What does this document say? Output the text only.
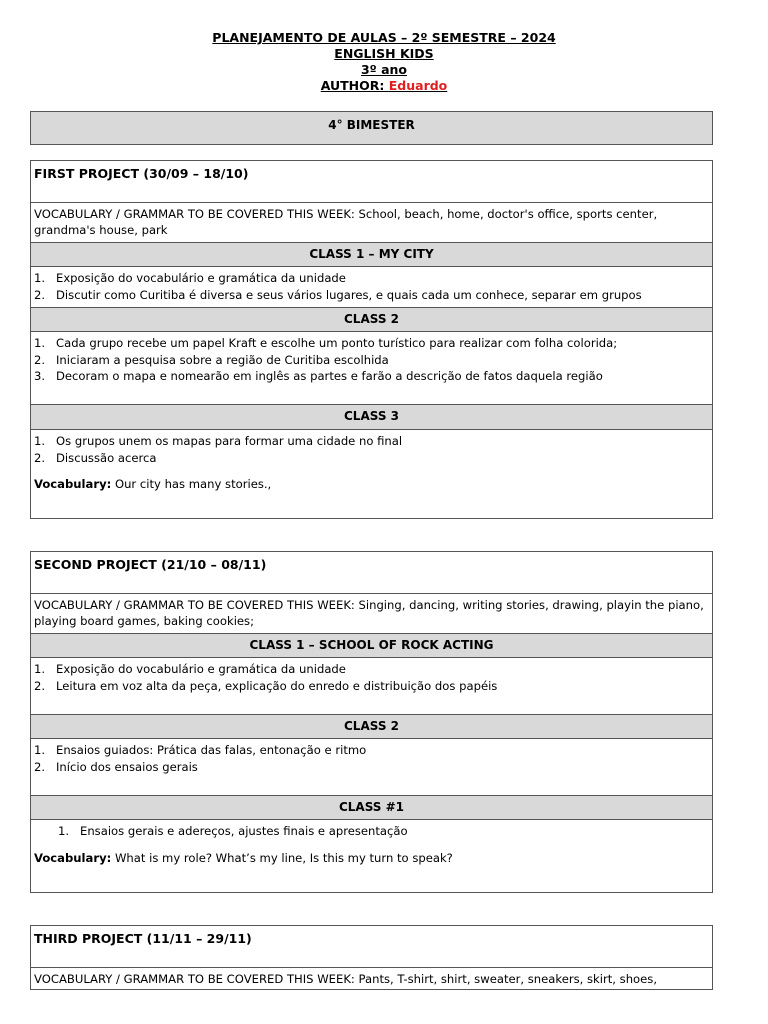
PLANEJAMENTO DE AULAS – 2º SEMESTRE – 2024
ENGLISH KIDS
3º ano
AUTHOR: Eduardo
4° BIMESTER
FIRST PROJECT (30/09 – 18/10)
VOCABULARY / GRAMMAR TO BE COVERED THIS WEEK: School, beach, home, doctor's office, sports center, grandma's house, park
CLASS 1 – MY CITY
1. Exposição do vocabulário e gramática da unidade
2. Discutir como Curitiba é diversa e seus vários lugares, e quais cada um conhece, separar em grupos
CLASS 2
1. Cada grupo recebe um papel Kraft e escolhe um ponto turístico para realizar com folha colorida;
2. Iniciaram a pesquisa sobre a região de Curitiba escolhida
3. Decoram o mapa e nomearão em inglês as partes e farão a descrição de fatos daquela região
CLASS 3
1. Os grupos unem os mapas para formar uma cidade no final
2. Discussão acerca
Vocabulary: Our city has many stories.,
SECOND PROJECT (21/10 – 08/11)
VOCABULARY / GRAMMAR TO BE COVERED THIS WEEK: Singing, dancing, writing stories, drawing, playin the piano, playing board games, baking cookies;
CLASS 1 – SCHOOL OF ROCK ACTING
1. Exposição do vocabulário e gramática da unidade
2. Leitura em voz alta da peça, explicação do enredo e distribuição dos papéis
CLASS 2
1. Ensaios guiados: Prática das falas, entonação e ritmo
2. Início dos ensaios gerais
CLASS #1
1. Ensaios gerais e adereços, ajustes finais e apresentação
Vocabulary: What is my role? What’s my line, Is this my turn to speak?
THIRD PROJECT (11/11 – 29/11)
VOCABULARY / GRAMMAR TO BE COVERED THIS WEEK: Pants, T-shirt, shirt, sweater, sneakers, skirt, shoes,
